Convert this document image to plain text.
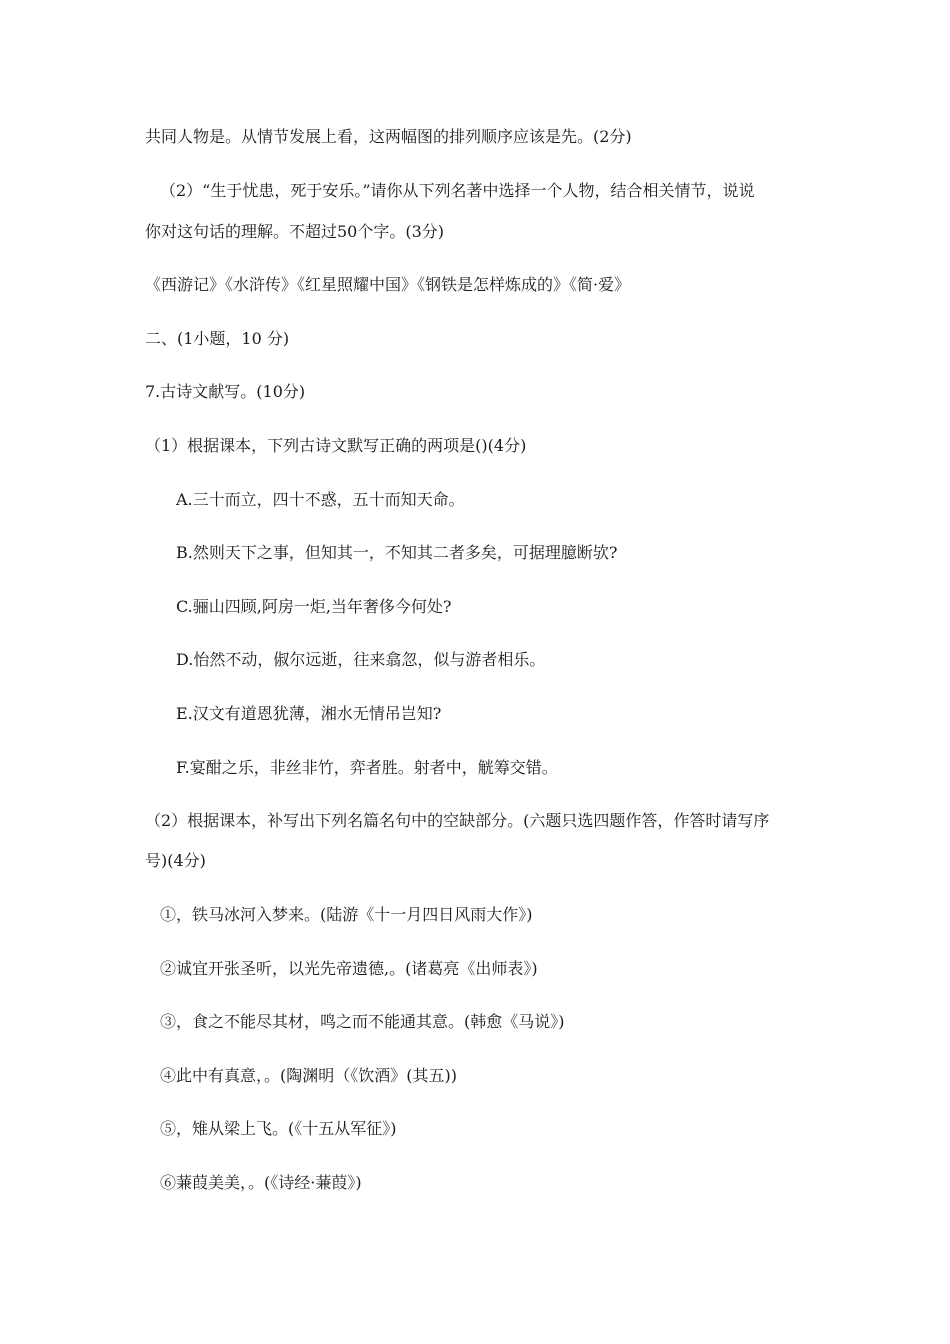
共同人物是。从情节发展上看，这两幅图的排列顺序应该是先。(2分)
（2）“生于忧患，死于安乐。”请你从下列名著中选择一个人物，结合相关情节，说说
你对这句话的理解。不超过50个字。(3分)
《西游记》《水浒传》《红星照耀中国》《钢铁是怎样炼成的》《简·爱》
二、(1小题，10 分)
7.古诗文献写。(10分)
（1）根据课本，下列古诗文默写正确的两项是()(4分)
A.三十而立，四十不惑，五十而知天命。
B.然则天下之事，但知其一，不知其二者多矣，可据理臆断欤?
C.骊山四顾,阿房一炬,当年奢侈今何处?
D.怡然不动，俶尔远逝，往来翕忽，似与游者相乐。
E.汉文有道恩犹薄，湘水无情吊岂知?
F.宴酣之乐，非丝非竹，弈者胜。射者中，觥筹交错。
（2）根据课本，补写出下列名篇名句中的空缺部分。(六题只选四题作答，作答时请写序
号)(4分)
①，铁马冰河入梦来。(陆游《十一月四日风雨大作》)
②诚宜开张圣听，以光先帝遗德,。(诸葛亮《出师表》)
③，食之不能尽其材，鸣之而不能通其意。(韩愈《马说》)
④此中有真意，。(陶渊明（《饮酒》(其五))
⑤，雉从梁上飞。(《十五从军征》)
⑥蒹葭美美，。(《诗经·蒹葭》)
